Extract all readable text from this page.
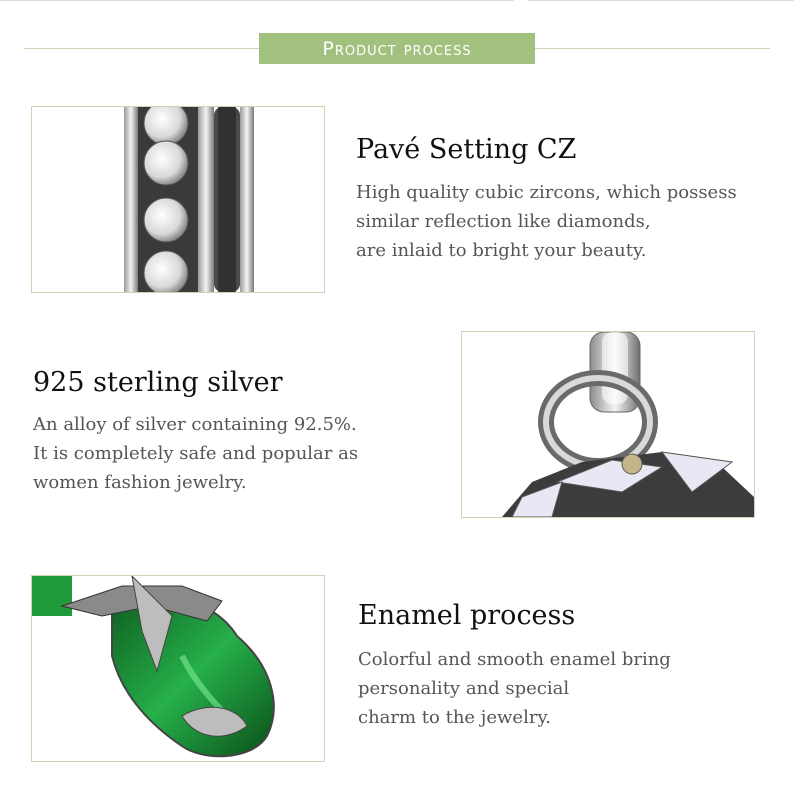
Product process
Pavé Setting CZ
High quality cubic zircons, which possess
similar reflection like diamonds,
are inlaid to bright your beauty.
925 sterling silver
An alloy of silver containing 92.5%.
It is completely safe and popular as
women fashion jewelry.
Enamel process
Colorful and smooth enamel bring
personality and special
charm to the jewelry.
